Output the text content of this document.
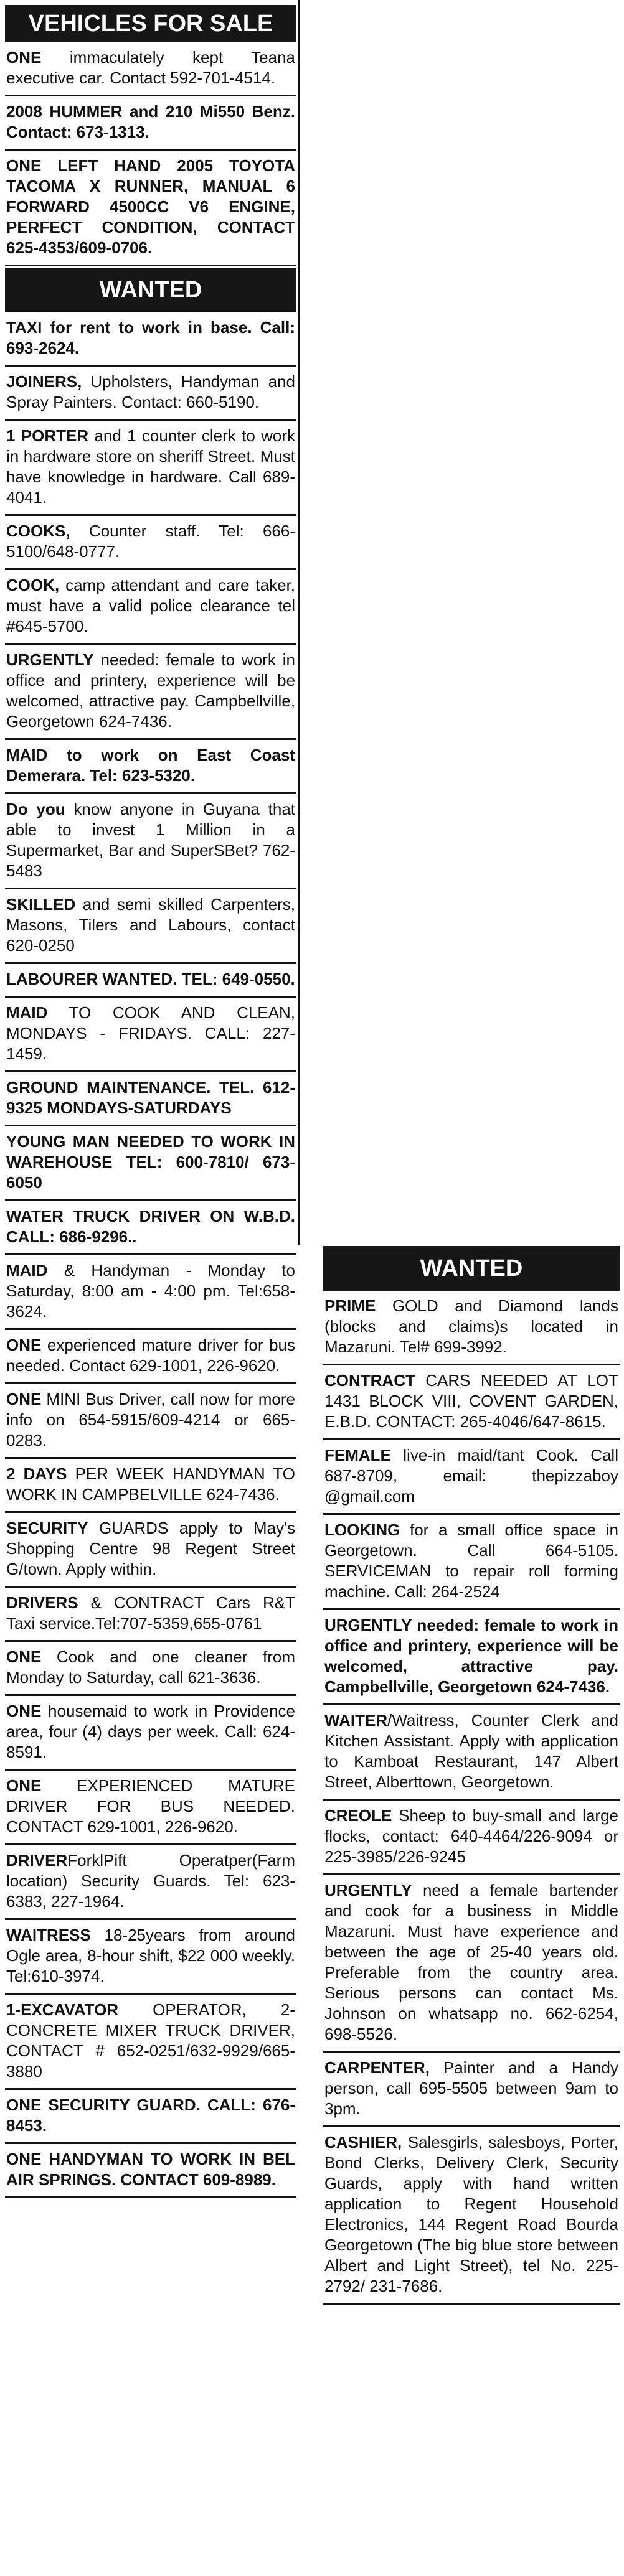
VEHICLES FOR SALE
ONE immaculately kept Teana executive car. Contact 592-701-4514.
2008 HUMMER and 210 Mi550 Benz. Contact: 673-1313.
ONE LEFT HAND 2005 TOYOTA TACOMA X RUNNER, MANUAL 6 FORWARD 4500CC V6 ENGINE, PERFECT CONDITION, CONTACT 625-4353/609-0706.
WANTED
TAXI for rent to work in base. Call: 693-2624.
JOINERS, Upholsters, Handyman and Spray Painters. Contact: 660-5190.
1 PORTER and 1 counter clerk to work in hardware store on sheriff Street. Must have knowledge in hardware. Call 689-4041.
COOKS, Counter staff. Tel: 666-5100/648-0777.
COOK, camp attendant and care taker, must have a valid police clearance tel #645-5700.
URGENTLY needed: female to work in office and printery, experience will be welcomed, attractive pay. Campbellville, Georgetown 624-7436.
MAID to work on East Coast Demerara. Tel: 623-5320.
Do you know anyone in Guyana that able to invest 1 Million in a Supermarket, Bar and SuperSBet? 762-5483
SKILLED and semi skilled Carpenters, Masons, Tilers and Labours, contact 620-0250
LABOURER WANTED. TEL: 649-0550.
MAID TO COOK AND CLEAN, MONDAYS - FRIDAYS. CALL: 227-1459.
GROUND MAINTENANCE. TEL. 612-9325 MONDAYS-SATURDAYS
YOUNG MAN NEEDED TO WORK IN WAREHOUSE TEL: 600-7810/ 673-6050
WATER TRUCK DRIVER ON W.B.D. CALL: 686-9296..
MAID & Handyman - Monday to Saturday, 8:00 am - 4:00 pm. Tel:658-3624.
ONE experienced mature driver for bus needed. Contact 629-1001, 226-9620.
ONE MINI Bus Driver, call now for more info on 654-5915/609-4214 or 665-0283.
2 DAYS PER WEEK HANDYMAN TO WORK IN CAMPBELVILLE 624-7436.
SECURITY GUARDS apply to May's Shopping Centre 98 Regent Street G/town. Apply within.
DRIVERS & CONTRACT Cars R&T Taxi service.Tel:707-5359,655-0761
ONE Cook and one cleaner from Monday to Saturday, call 621-3636.
ONE housemaid to work in Providence area, four (4) days per week. Call: 624-8591.
ONE EXPERIENCED MATURE DRIVER FOR BUS NEEDED. CONTACT 629-1001, 226-9620.
DRIVERForklPift Operatper(Farm location) Security Guards. Tel: 623-6383, 227-1964.
WAITRESS 18-25years from around Ogle area, 8-hour shift, $22 000 weekly. Tel:610-3974.
1-EXCAVATOR OPERATOR, 2- CONCRETE MIXER TRUCK DRIVER, CONTACT # 652-0251/632-9929/665-3880
ONE SECURITY GUARD. CALL: 676-8453.
ONE HANDYMAN TO WORK IN BEL AIR SPRINGS. CONTACT 609-8989.
WANTED
PRIME GOLD and Diamond lands (blocks and claims)s located in Mazaruni. Tel# 699-3992.
CONTRACT CARS NEEDED AT LOT 1431 BLOCK VIII, COVENT GARDEN, E.B.D. CONTACT: 265-4046/647-8615.
FEMALE live-in maid/tant Cook. Call 687-8709, email: thepizzaboy @gmail.com
LOOKING for a small office space in Georgetown. Call 664-5105. SERVICEMAN to repair roll forming machine. Call: 264-2524
URGENTLY needed: female to work in office and printery, experience will be welcomed, attractive pay. Campbellville, Georgetown 624-7436.
WAITER/Waitress, Counter Clerk and Kitchen Assistant. Apply with application to Kamboat Restaurant, 147 Albert Street, Alberttown, Georgetown.
CREOLE Sheep to buy-small and large flocks, contact: 640-4464/226-9094 or 225-3985/226-9245
URGENTLY need a female bartender and cook for a business in Middle Mazaruni. Must have experience and between the age of 25-40 years old. Preferable from the country area. Serious persons can contact Ms. Johnson on whatsapp no. 662-6254, 698-5526.
CARPENTER, Painter and a Handy person, call 695-5505 between 9am to 3pm.
CASHIER, Salesgirls, salesboys, Porter, Bond Clerks, Delivery Clerk, Security Guards, apply with hand written application to Regent Household Electronics, 144 Regent Road Bourda Georgetown (The big blue store between Albert and Light Street), tel No. 225-2792/ 231-7686.
